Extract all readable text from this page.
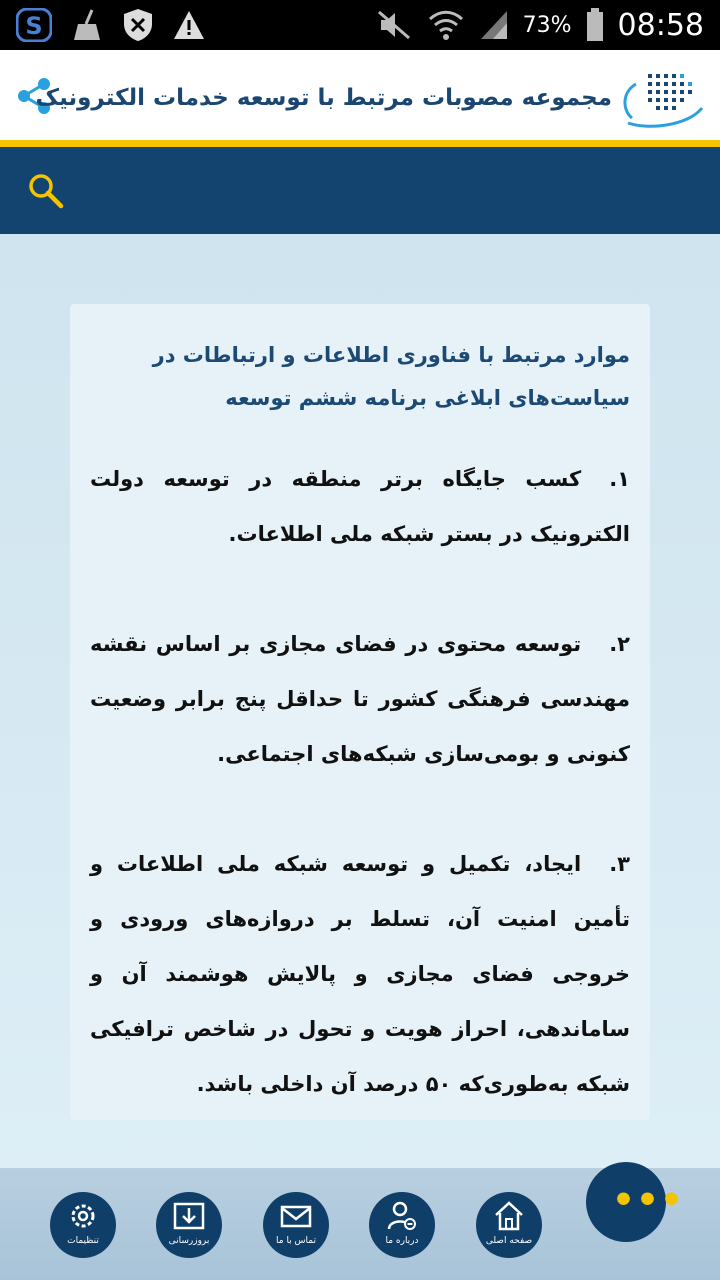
S	73% 08:58
مجموعه مصوبات مرتبط با توسعه خدمات الکترونیک
موارد مرتبط با فناوری اطلاعات و ارتباطات در سیاست‌های ابلاغی برنامه ششم توسعه
۱.کسب جایگاه برتر منطقه در توسعه دولت الکترونیک در بستر شبکه ملی اطلاعات.
۲.توسعه محتوی در فضای مجازی بر اساس نقشه مهندسی فرهنگی کشور تا حداقل پنج برابر وضعیت کنونی و بومی‌سازی شبکه‌های اجتماعی.
۳.ایجاد، تکمیل و توسعه شبکه ملی اطلاعات و تأمین امنیت آن، تسلط بر دروازه‌های ورودی و خروجی فضای مجازی و پالایش هوشمند آن و ساماندهی، احراز هویت و تحول در شاخص ترافیکی شبکه به‌طوری‌که ۵۰ درصد آن داخلی باشد.
تنظیمات	بروزرسانی	تماس با ما	درباره ما	صفحه اصلی
•••
